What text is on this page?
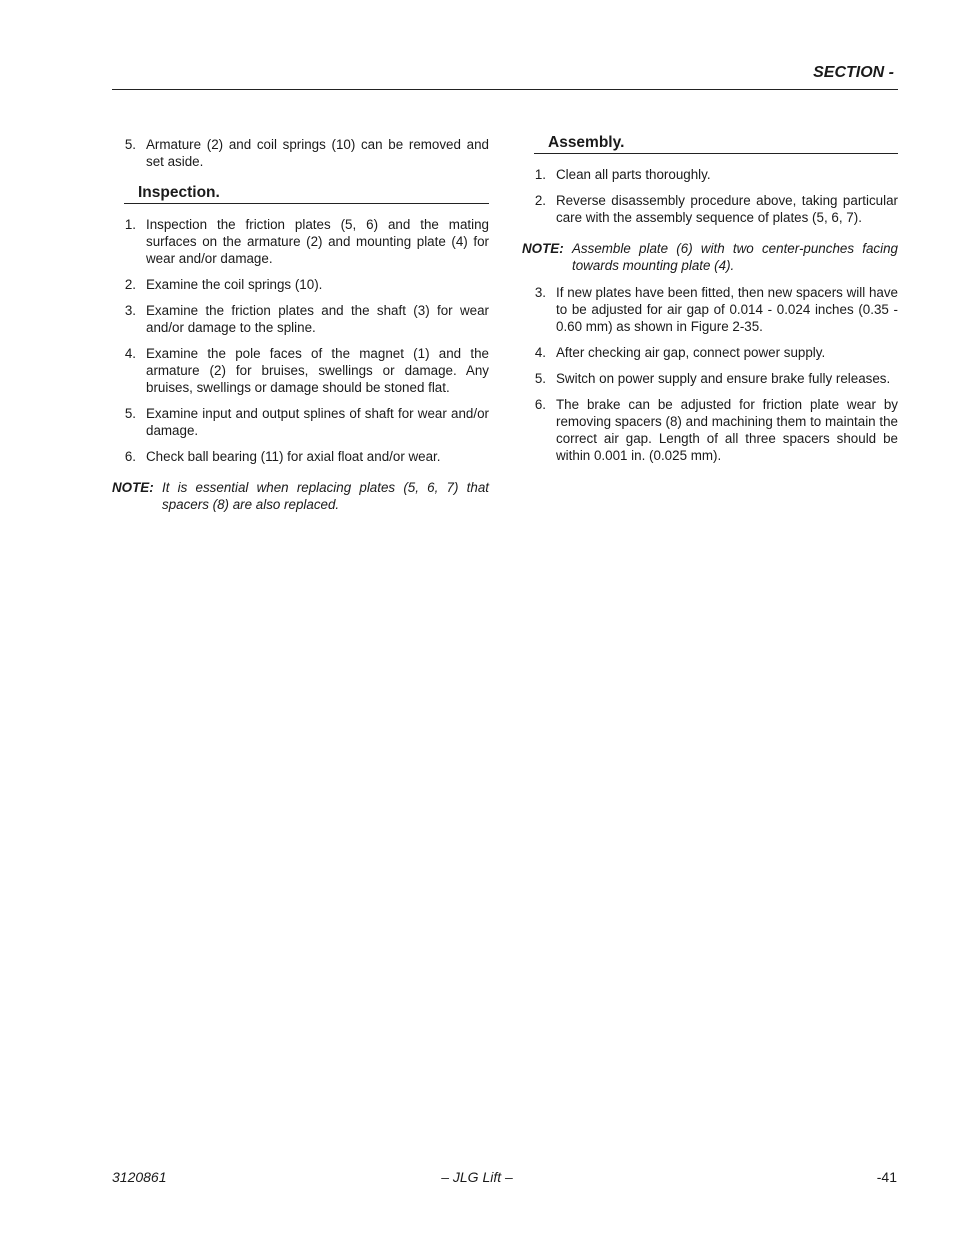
SECTION -
5. Armature (2) and coil springs (10) can be removed and set aside.
Inspection.
1. Inspection the friction plates (5, 6) and the mating surfaces on the armature (2) and mounting plate (4) for wear and/or damage.
2. Examine the coil springs (10).
3. Examine the friction plates and the shaft (3) for wear and/or damage to the spline.
4. Examine the pole faces of the magnet (1) and the armature (2) for bruises, swellings or damage. Any bruises, swellings or damage should be stoned flat.
5. Examine input and output splines of shaft for wear and/or damage.
6. Check ball bearing (11) for axial float and/or wear.
NOTE: It is essential when replacing plates (5, 6, 7) that spacers (8) are also replaced.
Assembly.
1. Clean all parts thoroughly.
2. Reverse disassembly procedure above, taking particular care with the assembly sequence of plates (5, 6, 7).
NOTE: Assemble plate (6) with two center-punches facing towards mounting plate (4).
3. If new plates have been fitted, then new spacers will have to be adjusted for air gap of 0.014 - 0.024 inches (0.35 - 0.60 mm) as shown in Figure 2-35.
4. After checking air gap, connect power supply.
5. Switch on power supply and ensure brake fully releases.
6. The brake can be adjusted for friction plate wear by removing spacers (8) and machining them to maintain the correct air gap. Length of all three spacers should be within 0.001 in. (0.025 mm).
3120861	– JLG Lift –	-41
